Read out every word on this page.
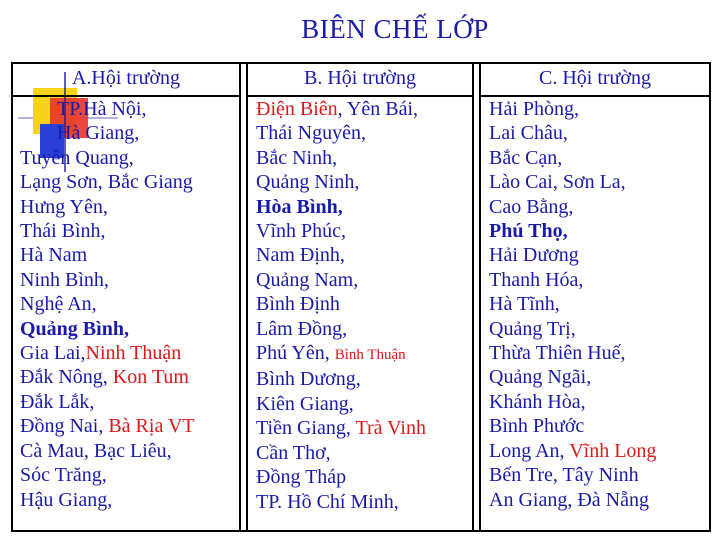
BIÊN CHẾ LỚP
A.Hội trường
TP.Hà Nội,
Hà Giang,
Tuyên Quang,
Lạng Sơn, Bắc Giang
Hưng Yên,
Thái Bình,
Hà Nam
Ninh Bình,
Nghệ An,
Quảng Bình,
Gia Lai,Ninh Thuận
Đắk Nông, Kon Tum
Đắk Lắk,
Đồng Nai, Bà Rịa VT
Cà Mau, Bạc Liêu,
Sóc Trăng,
Hậu Giang,
B. Hội trường
Điện Biên, Yên Bái,
Thái Nguyên,
Bắc Ninh,
Quảng Ninh,
Hòa Bình,
Vĩnh Phúc,
Nam Định,
Quảng Nam,
Bình Định
Lâm Đồng,
Phú Yên, Bình Thuận
Bình Dương,
Kiên Giang,
Tiền Giang, Trà Vinh
Cần Thơ,
Đồng Tháp
TP. Hồ Chí Minh,
C. Hội trường
Hải Phòng,
Lai Châu,
Bắc Cạn,
Lào Cai, Sơn La,
Cao Bằng,
Phú Thọ,
Hải Dương
Thanh Hóa,
Hà Tĩnh,
Quảng Trị,
Thừa Thiên Huế,
Quảng Ngãi,
Khánh Hòa,
Bình Phước
Long An, Vĩnh Long
Bến Tre, Tây Ninh
An Giang, Đà Nẵng
